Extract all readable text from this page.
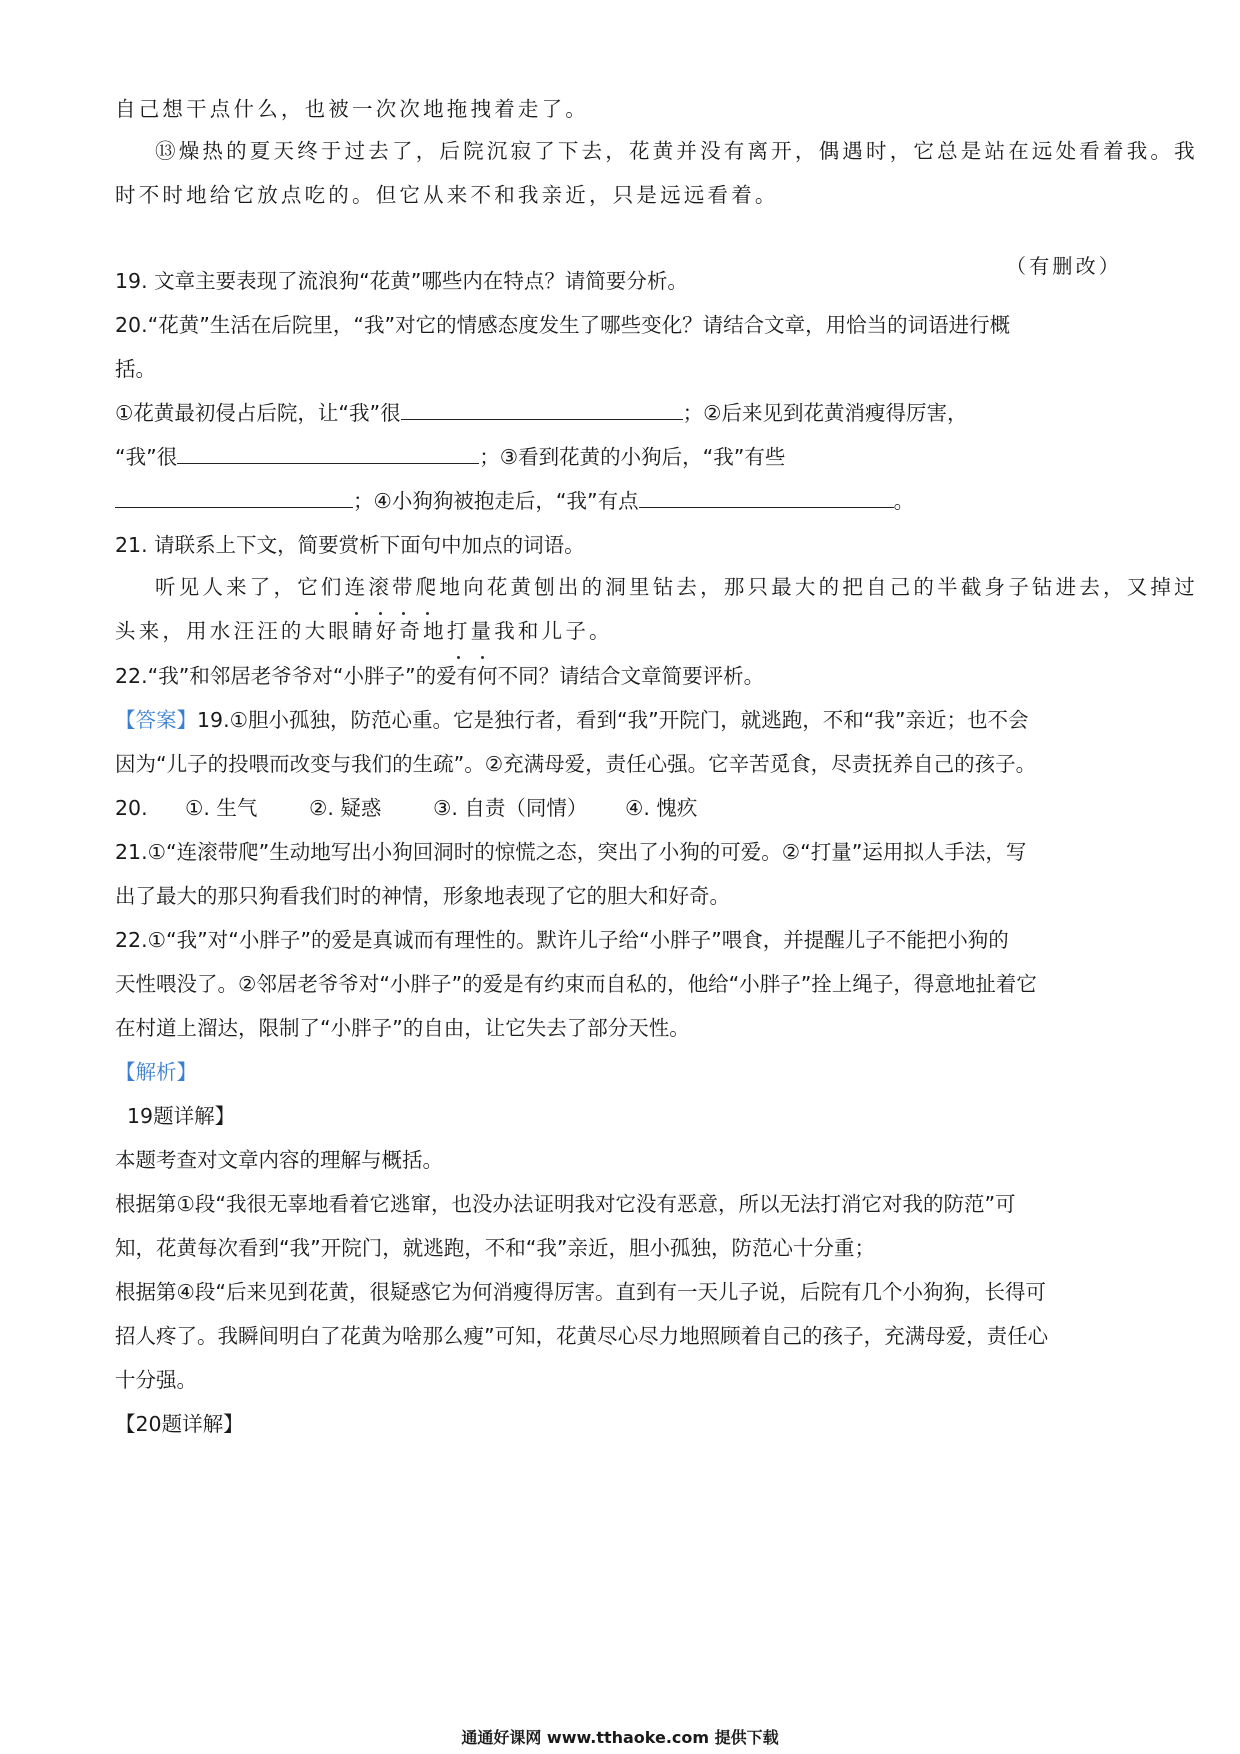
自己想干点什么，也被一次次地拖拽着走了。
⑬燥热的夏天终于过去了，后院沉寂了下去，花黄并没有离开，偶遇时，它总是站在远处看着我。我
时不时地给它放点吃的。但它从来不和我亲近，只是远远看着。
（有删改）
19. 文章主要表现了流浪狗“花黄”哪些内在特点？请简要分析。
20.“花黄”生活在后院里，“我”对它的情感态度发生了哪些变化？请结合文章，用恰当的词语进行概
括。
①花黄最初侵占后院，让“我”很	；②后来见到花黄消瘦得厉害，
“我”很	；③看到花黄的小狗后，“我”有些
；④小狗狗被抱走后，“我”有点	。
21. 请联系上下文，简要赏析下面句中加点的词语。
听见人来了，它们连滚带爬地向花黄刨出的洞里钻去，那只最大的把自己的半截身子钻进去，又掉过
头来，用水汪汪的大眼睛好奇地打量我和儿子。
22.“我”和邻居老爷爷对“小胖子”的爱有何不同？请结合文章简要评析。
【答案】19.①胆小孤独，防范心重。它是独行者，看到“我”开院门，就逃跑，不和“我”亲近；也不会
因为“儿子的投喂而改变与我们的生疏”。②充满母爱，责任心强。它辛苦觅食，尽责抚养自己的孩子。
20. ①. 生气	②. 疑惑	③. 自责（同情） ④. 愧疚
21.①“连滚带爬”生动地写出小狗回洞时的惊慌之态，突出了小狗的可爱。②“打量”运用拟人手法，写
出了最大的那只狗看我们时的神情，形象地表现了它的胆大和好奇。
22.①“我”对“小胖子”的爱是真诚而有理性的。默许儿子给“小胖子”喂食，并提醒儿子不能把小狗的
天性喂没了。②邻居老爷爷对“小胖子”的爱是有约束而自私的，他给“小胖子”拴上绳子，得意地扯着它
在村道上溜达，限制了“小胖子”的自由，让它失去了部分天性。
【解析】
19题详解】
本题考查对文章内容的理解与概括。
根据第①段“我很无辜地看着它逃窜，也没办法证明我对它没有恶意，所以无法打消它对我的防范”可
知，花黄每次看到“我”开院门，就逃跑，不和“我”亲近，胆小孤独，防范心十分重；
根据第④段“后来见到花黄，很疑惑它为何消瘦得厉害。直到有一天儿子说，后院有几个小狗狗，长得可
招人疼了。我瞬间明白了花黄为啥那么瘦”可知，花黄尽心尽力地照顾着自己的孩子，充满母爱，责任心
十分强。
【20题详解】
通通好课网 www.tthaoke.com 提供下载
